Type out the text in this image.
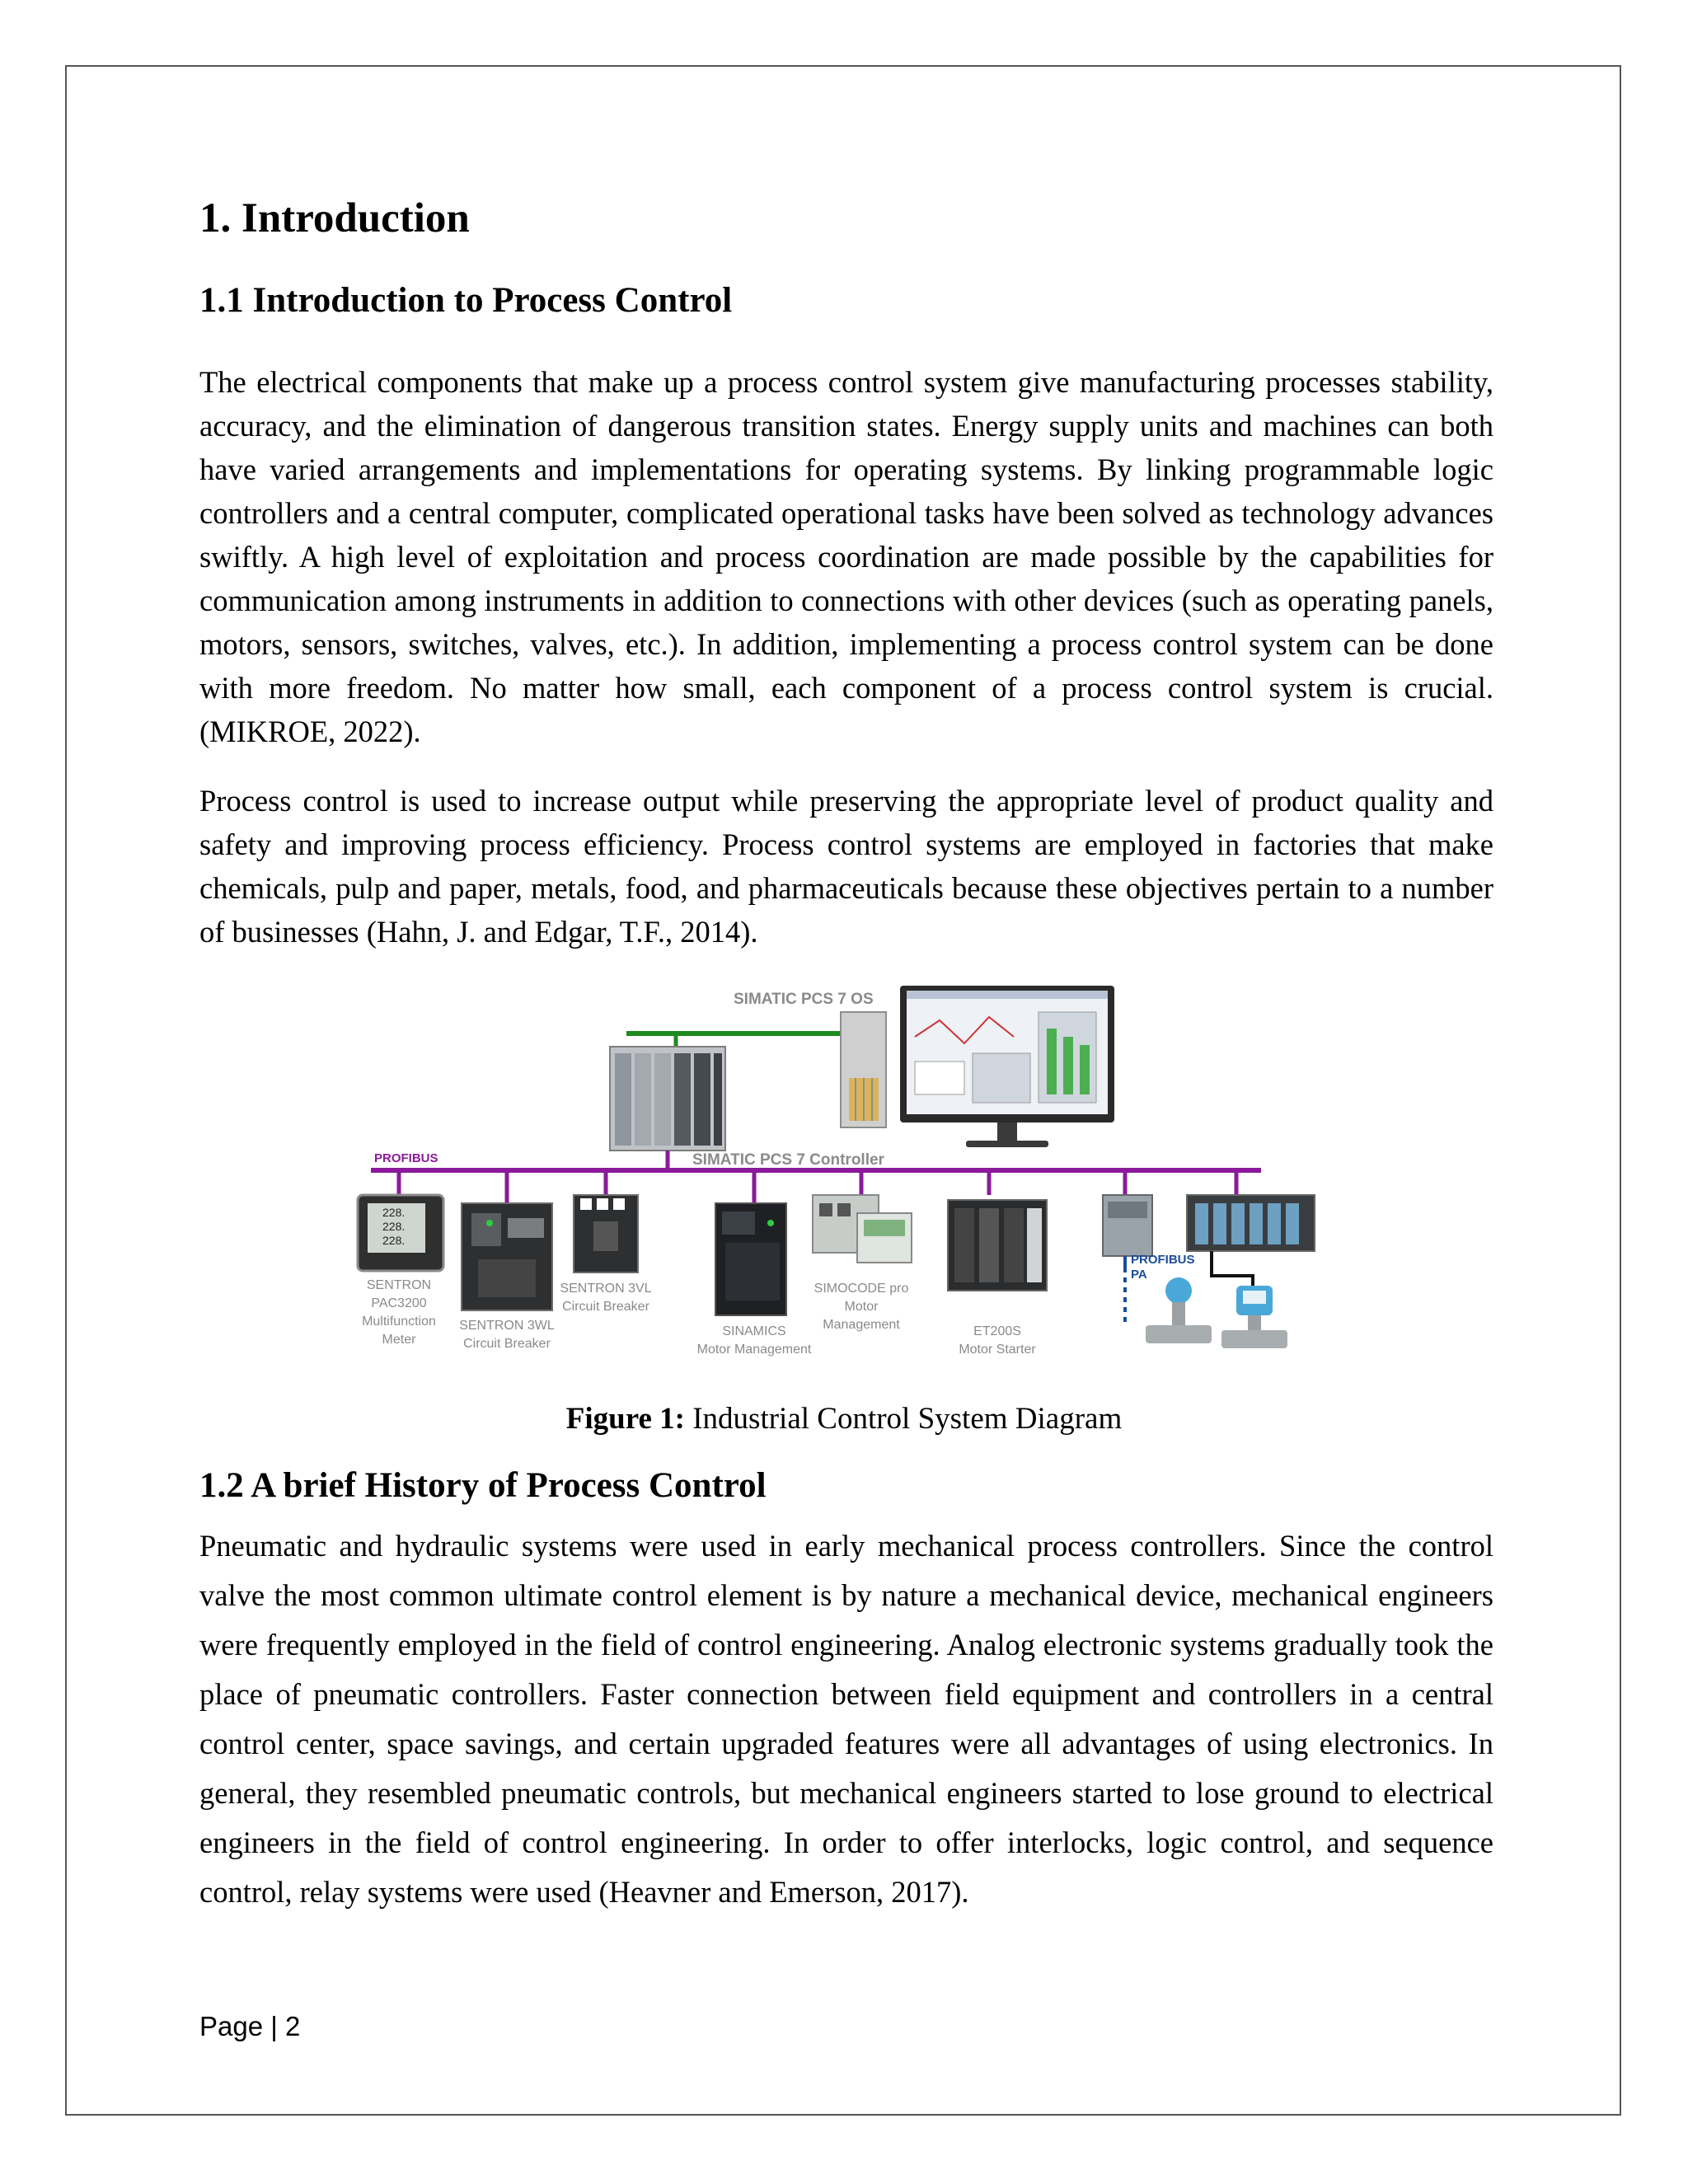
1. Introduction
1.1 Introduction to Process Control

The electrical components that make up a process control system give manufacturing processes stability, accuracy, and the elimination of dangerous transition states. Energy supply units and machines can both have varied arrangements and implementations for operating systems. By linking programmable logic controllers and a central computer, complicated operational tasks have been solved as technology advances swiftly. A high level of exploitation and process coordination are made possible by the capabilities for communication among instruments in addition to connections with other devices (such as operating panels, motors, sensors, switches, valves, etc.). In addition, implementing a process control system can be done with more freedom. No matter how small, each component of a process control system is crucial. (MIKROE, 2022).

Process control is used to increase output while preserving the appropriate level of product quality and safety and improving process efficiency. Process control systems are employed in factories that make chemicals, pulp and paper, metals, food, and pharmaceuticals because these objectives pertain to a number of businesses (Hahn, J. and Edgar, T.F., 2014).

SIMATIC PCS 7 OS
SIMATIC PCS 7 Controller
PROFIBUS
228.
228.
228.
SENTRON
PAC3200
Multifunction
Meter
SENTRON 3WL
Circuit Breaker
SENTRON 3VL
Circuit Breaker
SINAMICS
Motor Management
SIMOCODE pro
Motor
Management	ET200S
Motor Starter
PROFIBUS
PA

Figure 1: Industrial Control System Diagram

1.2 A brief History of Process Control

Pneumatic and hydraulic systems were used in early mechanical process controllers. Since the control valve the most common ultimate control element is by nature a mechanical device, mechanical engineers were frequently employed in the field of control engineering. Analog electronic systems gradually took the place of pneumatic controllers. Faster connection between field equipment and controllers in a central control center, space savings, and certain upgraded features were all advantages of using electronics. In general, they resembled pneumatic controls, but mechanical engineers started to lose ground to electrical engineers in the field of control engineering. In order to offer interlocks, logic control, and sequence control, relay systems were used (Heavner and Emerson, 2017).

Page | 2
